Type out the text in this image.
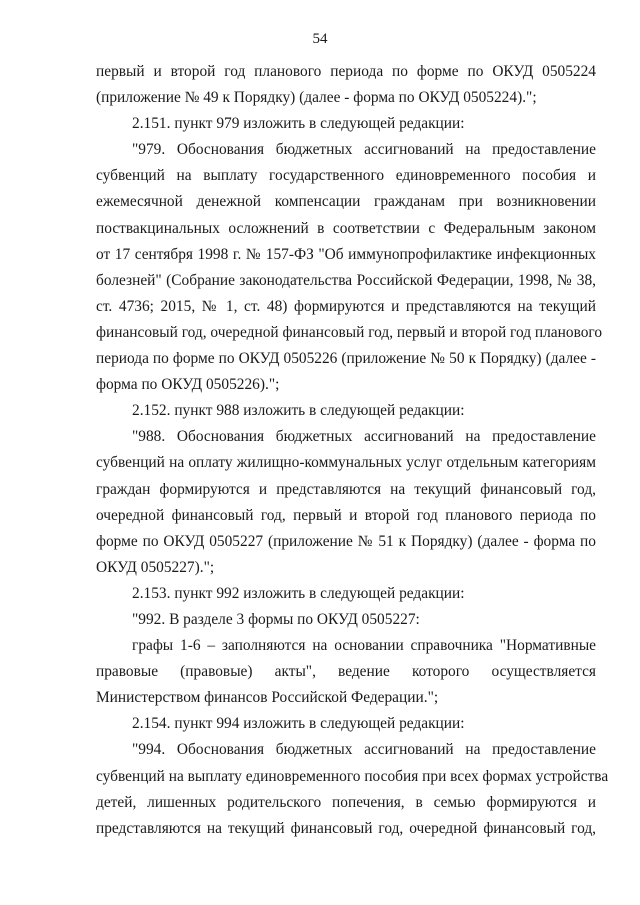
54
первый и второй год планового периода по форме по ОКУД 0505224
(приложение № 49 к Порядку) (далее - форма по ОКУД 0505224).";
2.151. пункт 979 изложить в следующей редакции:
"979. Обоснования бюджетных ассигнований на предоставление
субвенций на выплату государственного единовременного пособия и
ежемесячной денежной компенсации гражданам при возникновении
поствакцинальных осложнений в соответствии с Федеральным законом
от 17 сентября 1998 г. № 157-ФЗ "Об иммунопрофилактике инфекционных
болезней" (Собрание законодательства Российской Федерации, 1998, № 38,
ст. 4736; 2015, № 1, ст. 48) формируются и представляются на текущий
финансовый год, очередной финансовый год, первый и второй год планового
периода по форме по ОКУД 0505226 (приложение № 50 к Порядку) (далее -
форма по ОКУД 0505226).";
2.152. пункт 988 изложить в следующей редакции:
"988. Обоснования бюджетных ассигнований на предоставление
субвенций на оплату жилищно-коммунальных услуг отдельным категориям
граждан формируются и представляются на текущий финансовый год,
очередной финансовый год, первый и второй год планового периода по
форме по ОКУД 0505227 (приложение № 51 к Порядку) (далее - форма по
ОКУД 0505227).";
2.153. пункт 992 изложить в следующей редакции:
"992. В разделе 3 формы по ОКУД 0505227:
графы 1-6 – заполняются на основании справочника "Нормативные
правовые (правовые) акты", ведение которого осуществляется
Министерством финансов Российской Федерации.";
2.154. пункт 994 изложить в следующей редакции:
"994. Обоснования бюджетных ассигнований на предоставление
субвенций на выплату единовременного пособия при всех формах устройства
детей, лишенных родительского попечения, в семью формируются и
представляются на текущий финансовый год, очередной финансовый год,
